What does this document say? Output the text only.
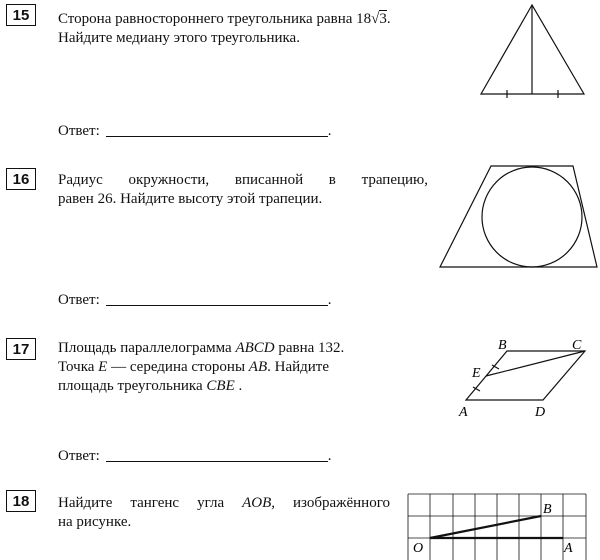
15	Сторона равностороннего треугольника равна 18√3.
Найдите медиану этого треугольника.
Ответ:	.
16	Радиус окружности, вписанной в трапецию,
равен 26. Найдите высоту этой трапеции.
Ответ:	.
17	Площадь параллелограмма ABCD равна 132.
Точка E — середина стороны AB. Найдите
площадь треугольника CBE .
B	C
E
A	D
Ответ:	.
18	Найдите тангенс угла AOB, изображённого
на рисунке.
O
B
A
